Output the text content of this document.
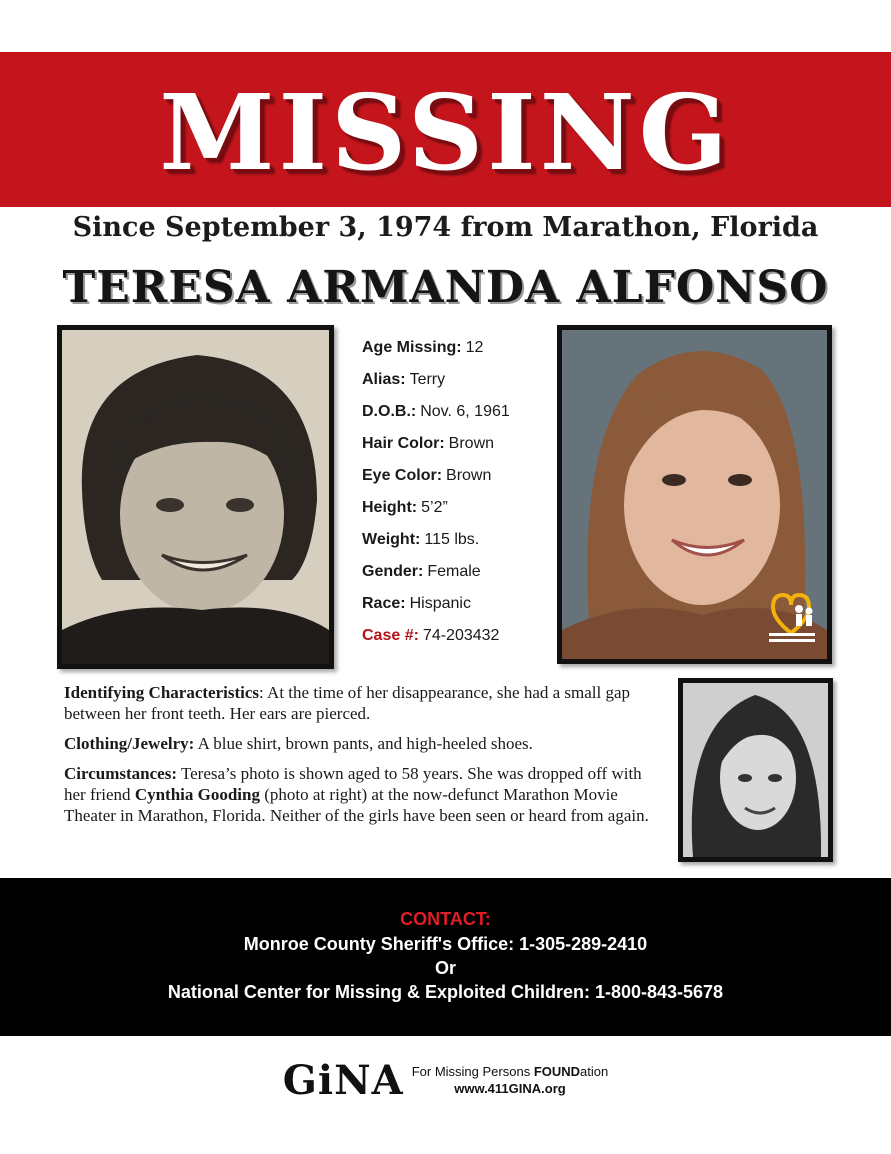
MISSING
Since September 3, 1974 from Marathon, Florida
TERESA ARMANDA ALFONSO
Age Missing: 12
Alias: Terry
D.O.B.: Nov. 6, 1961
Hair Color: Brown
Eye Color: Brown
Height: 5’2”
Weight: 115 lbs.
Gender: Female
Race: Hispanic
Case #: 74-203432

Identifying Characteristics: At the time of her disappearance, she had a small gap between her front teeth. Her ears are pierced.

Clothing/Jewelry: A blue shirt, brown pants, and high-heeled shoes.

Circumstances: Teresa’s photo is shown aged to 58 years. She was dropped off with her friend Cynthia Gooding (photo at right) at the now-defunct Marathon Movie Theater in Marathon, Florida. Neither of the girls have been seen or heard from again.

CONTACT:
Monroe County Sheriff's Office: 1-305-289-2410
Or
National Center for Missing & Exploited Children: 1-800-843-5678
GiNA For Missing Persons FOUNDation
www.411GINA.org
